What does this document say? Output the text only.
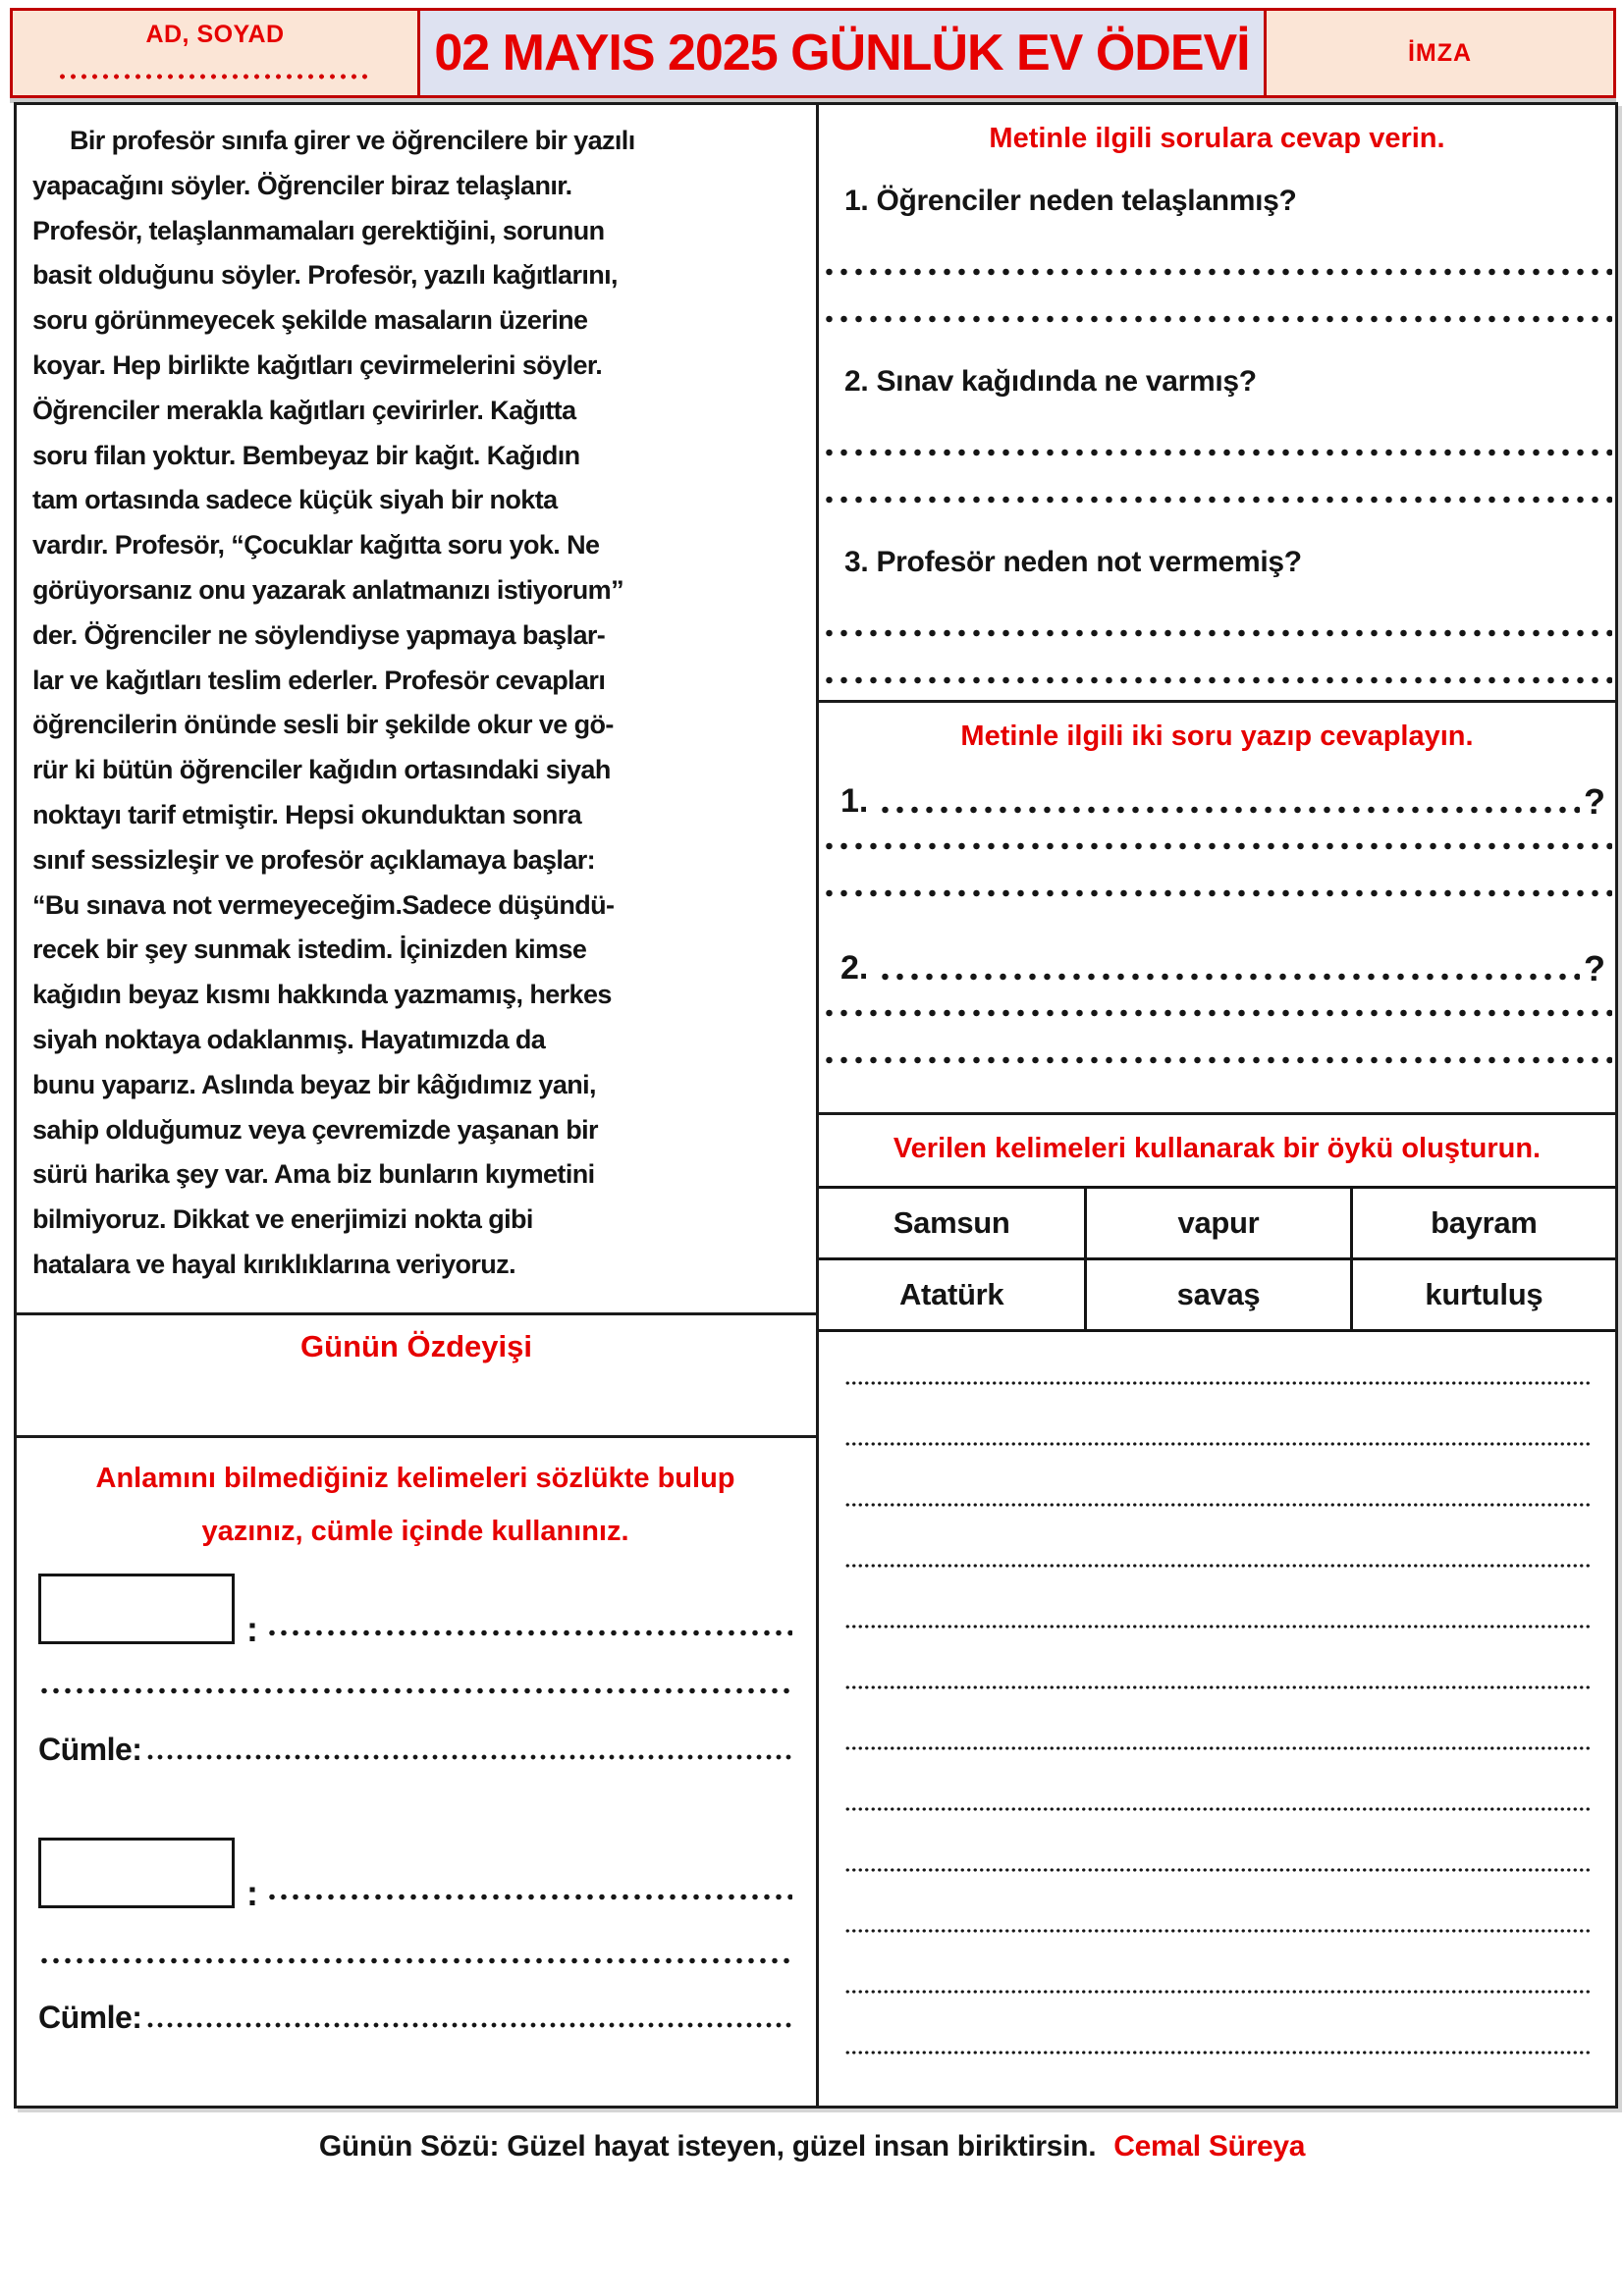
AD, SOYAD	02 MAYIS 2025 GÜNLÜK EV ÖDEVİ	İMZA
Bir profesör sınıfa girer ve öğrencilere bir yazılı
yapacağını söyler. Öğrenciler biraz telaşlanır.
Profesör, telaşlanmamaları gerektiğini, sorunun
basit olduğunu söyler. Profesör, yazılı kağıtlarını,
soru görünmeyecek şekilde masaların üzerine
koyar. Hep birlikte kağıtları çevirmelerini söyler.
Öğrenciler merakla kağıtları çevirirler. Kağıtta
soru filan yoktur. Bembeyaz bir kağıt. Kağıdın
tam ortasında sadece küçük siyah bir nokta
vardır. Profesör, “Çocuklar kağıtta soru yok. Ne
görüyorsanız onu yazarak anlatmanızı istiyorum”
der. Öğrenciler ne söylendiyse yapmaya başlar-
lar ve kağıtları teslim ederler. Profesör cevapları
öğrencilerin önünde sesli bir şekilde okur ve gö-
rür ki bütün öğrenciler kağıdın ortasındaki siyah
noktayı tarif etmiştir. Hepsi okunduktan sonra
sınıf sessizleşir ve profesör açıklamaya başlar:
“Bu sınava not vermeyeceğim.Sadece düşündü-
recek bir şey sunmak istedim. İçinizden kimse
kağıdın beyaz kısmı hakkında yazmamış, herkes
siyah noktaya odaklanmış. Hayatımızda da
bunu yaparız. Aslında beyaz bir kâğıdımız yani,
sahip olduğumuz veya çevremizde yaşanan bir
sürü harika şey var. Ama biz bunların kıymetini
bilmiyoruz. Dikkat ve enerjimizi nokta gibi
hatalara ve hayal kırıklıklarına veriyoruz.
Günün Özdeyişi
Anlamını bilmediğiniz kelimeleri sözlükte bulup
yazınız, cümle içinde kullanınız.
:
Cümle:
:
Cümle:
Metinle ilgili sorulara cevap verin.
1. Öğrenciler neden telaşlanmış?
2. Sınav kağıdında ne varmış?
3. Profesör neden not vermemiş?
Metinle ilgili iki soru yazıp cevaplayın.
1.	?
2.	?
Verilen kelimeleri kullanarak bir öykü oluşturun.
Samsun	vapur	bayram
Atatürk	savaş	kurtuluş
Günün Sözü: Güzel hayat isteyen, güzel insan biriktirsin. Cemal Süreya
